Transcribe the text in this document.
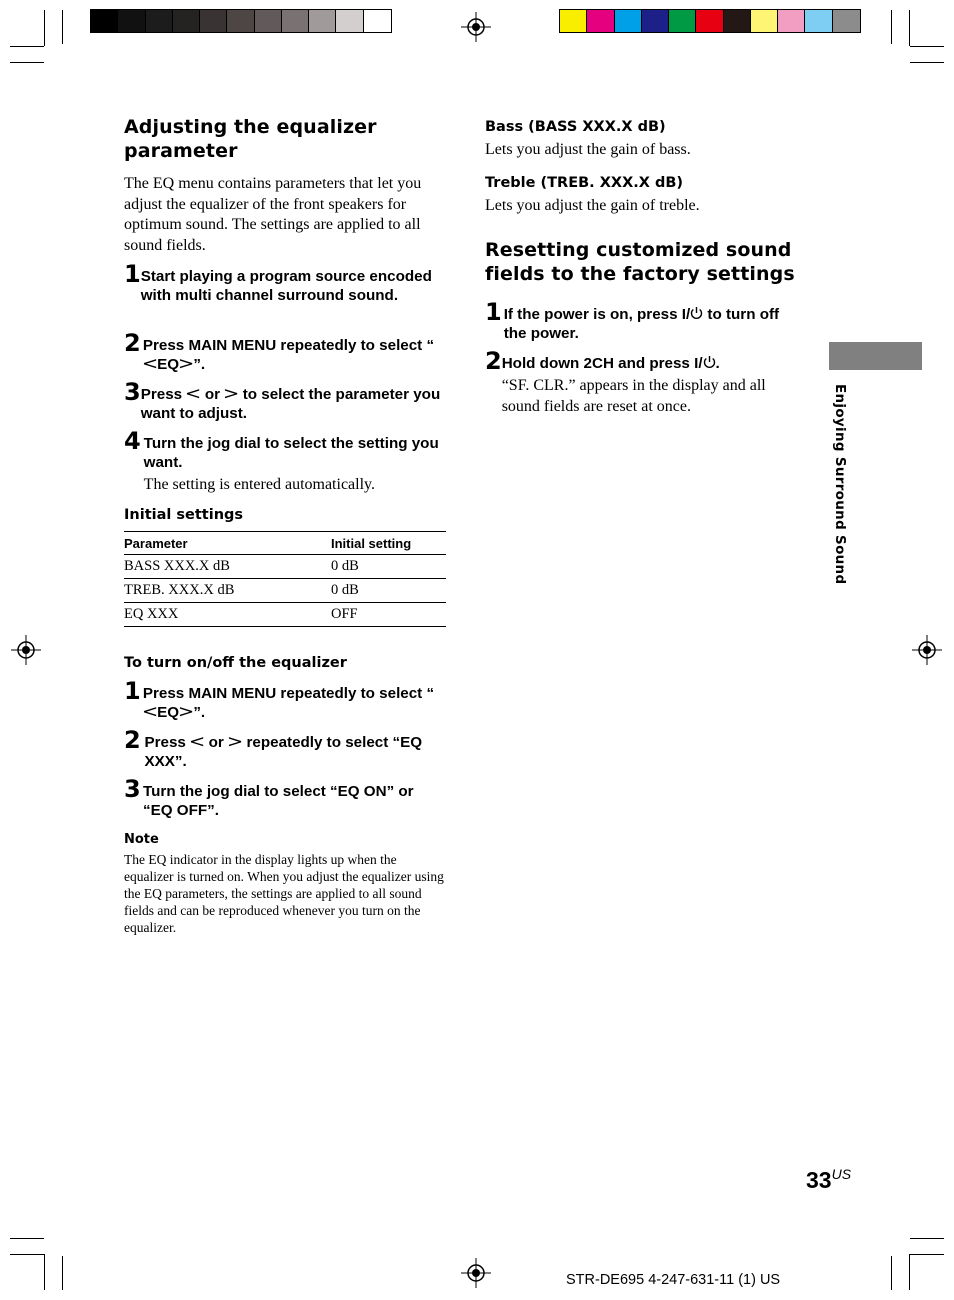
Adjusting the equalizer parameter
The EQ menu contains parameters that let you adjust the equalizer of the front speakers for optimum sound. The settings are applied to all sound fields.
1 Start playing a program source encoded with multi channel surround sound.
2 Press MAIN MENU repeatedly to select “<EQ>”.
3 Press < or > to select the parameter you want to adjust.
4 Turn the jog dial to select the setting you want.
The setting is entered automatically.
Initial settings
Parameter	Initial setting
BASS XXX.X dB	0 dB
TREB. XXX.X dB	0 dB
EQ XXX	OFF
To turn on/off the equalizer
1 Press MAIN MENU repeatedly to select “<EQ>”.
2 Press < or > repeatedly to select “EQ XXX”.
3 Turn the jog dial to select “EQ ON” or “EQ OFF”.
Note
The EQ indicator in the display lights up when the equalizer is turned on. When you adjust the equalizer using the EQ parameters, the settings are applied to all sound fields and can be reproduced whenever you turn on the equalizer.
Bass (BASS XXX.X dB)
Lets you adjust the gain of bass.
Treble (TREB. XXX.X dB)
Lets you adjust the gain of treble.
Resetting customized sound fields to the factory settings
1 If the power is on, press I/ to turn off the power.
2 Hold down 2CH and press I/ .
“SF. CLR.” appears in the display and all sound fields are reset at once.	Enjoying Surround Sound
$33^{US}$
STR-DE695 4-247-631-11 (1) US
